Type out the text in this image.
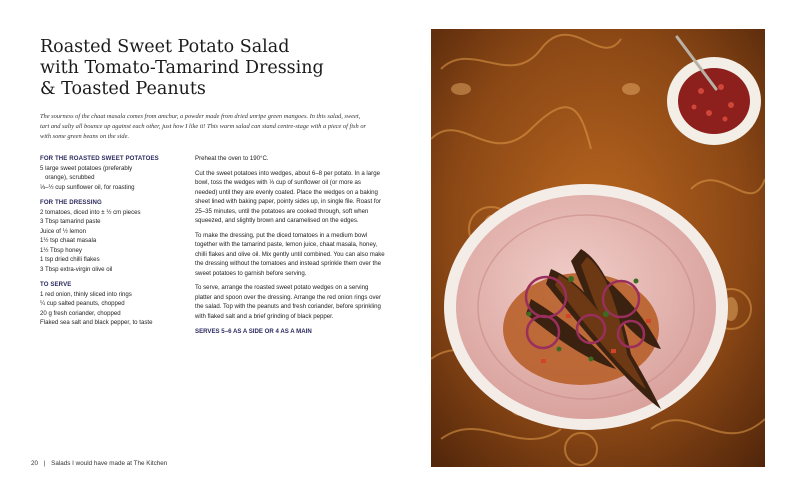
Roasted Sweet Potato Salad
with Tomato-Tamarind Dressing
& Toasted Peanuts
The sourness of the chaat masala comes from amchur, a powder made from dried unripe green mangoes. In this salad, sweet, tart and salty all bounce up against each other, just how I like it! This warm salad can stand centre-stage with a piece of fish or with some green beans on the side.
FOR THE ROASTED SWEET POTATOES
5 large sweet potatoes (preferably
orange), scrubbed
⅓–½ cup sunflower oil, for roasting
FOR THE DRESSING
2 tomatoes, diced into ± ½ cm pieces
3 Tbsp tamarind paste
Juice of ½ lemon
1½ tsp chaat masala
1½ Tbsp honey
1 tsp dried chilli flakes
3 Tbsp extra-virgin olive oil
TO SERVE
1 red onion, thinly sliced into rings
¼ cup salted peanuts, chopped
20 g fresh coriander, chopped
Flaked sea salt and black pepper, to taste

Preheat the oven to 190°C.

Cut the sweet potatoes into wedges, about 6–8 per potato. In a large bowl, toss the wedges with ⅓ cup of sunflower oil (or more as needed) until they are evenly coated. Place the wedges on a baking sheet lined with baking paper, pointy sides up, in single file. Roast for 25–35 minutes, until the potatoes are cooked through, soft when squeezed, and slightly brown and caramelised on the edges.

To make the dressing, put the diced tomatoes in a medium bowl together with the tamarind paste, lemon juice, chaat masala, honey, chilli flakes and olive oil. Mix gently until combined. You can also make the dressing without the tomatoes and instead sprinkle them over the sweet potatoes to garnish before serving.

To serve, arrange the roasted sweet potato wedges on a serving platter and spoon over the dressing. Arrange the red onion rings over the salad. Top with the peanuts and fresh coriander, before sprinkling with flaked salt and a brief grinding of black pepper.

SERVES 5–6 AS A SIDE OR 4 AS A MAIN
20 | Salads I would have made at The Kitchen
